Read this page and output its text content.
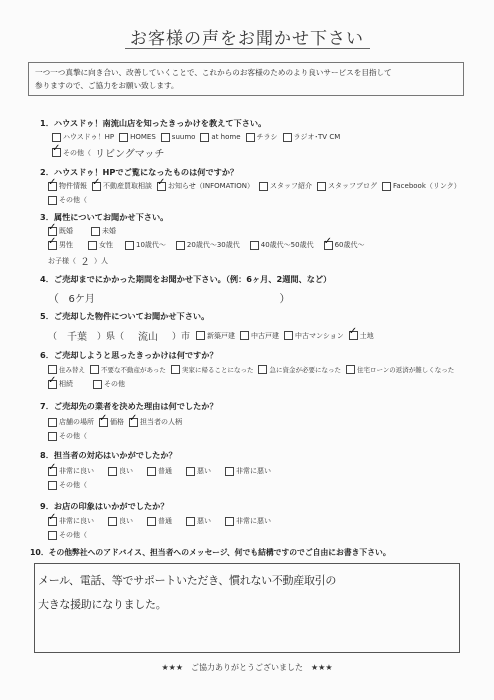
お客様の声をお聞かせ下さい
一つ一つ真摯に向き合い、改善していくことで、これからのお客様のためのより良いサービスを目指して
参りますので、ご協力をお願い致します。
1．ハウスドゥ！南流山店を知ったきっかけを教えて下さい。
ハウスドゥ！HP HOMES suumo at home チラシ ラジオ･TV CM
✓
その他（ リビングマッチ
2．ハウスドゥ！HPでご覧になったものは何ですか？
✓
物件情報 ✓ 不動産買取相談 ✓ お知らせ（INFOMATION） スタッフ紹介 スタッフブログ Facebook（リンク）
その他（
3．属性についてお聞かせ下さい。
✓
既婚	未婚
✓
男性	女性	10歳代〜	20歳代〜30歳代	40歳代〜50歳代 ✓	60歳代〜
お子様（ ２ ）人
4．ご売却までにかかった期間をお聞かせ下さい。（例：6ヶ月、2週間、など）
（ 6ケ月	）
5．ご売却した物件についてお聞かせ下さい。
（ 千葉 ）県（ 流山 ）市 新築戸建 中古戸建 中古マンション ✓ 土地
6．ご売却しようと思ったきっかけは何ですか？
住み替え 不要な不動産があった 実家に帰ることになった 急に資金が必要になった 住宅ローンの返済が難しくなった
✓
相続	その他
7．ご売却先の業者を決めた理由は何でしたか？
店舗の場所 ✓ 価格 ✓ 担当者の人柄
その他（
8．担当者の対応はいかがでしたか？
✓
非常に良い	良い	普通	悪い	非常に悪い
その他（
9．お店の印象はいかがでしたか？
✓
非常に良い	良い	普通	悪い	非常に悪い
その他（
10．その他弊社へのアドバイス、担当者へのメッセージ、何でも結構ですのでご自由にお書き下さい。
メール、電話、等でサポートいただき、慣れない不動産取引の
大きな援助になりました。
★★★　ご協力ありがとうございました　★★★
